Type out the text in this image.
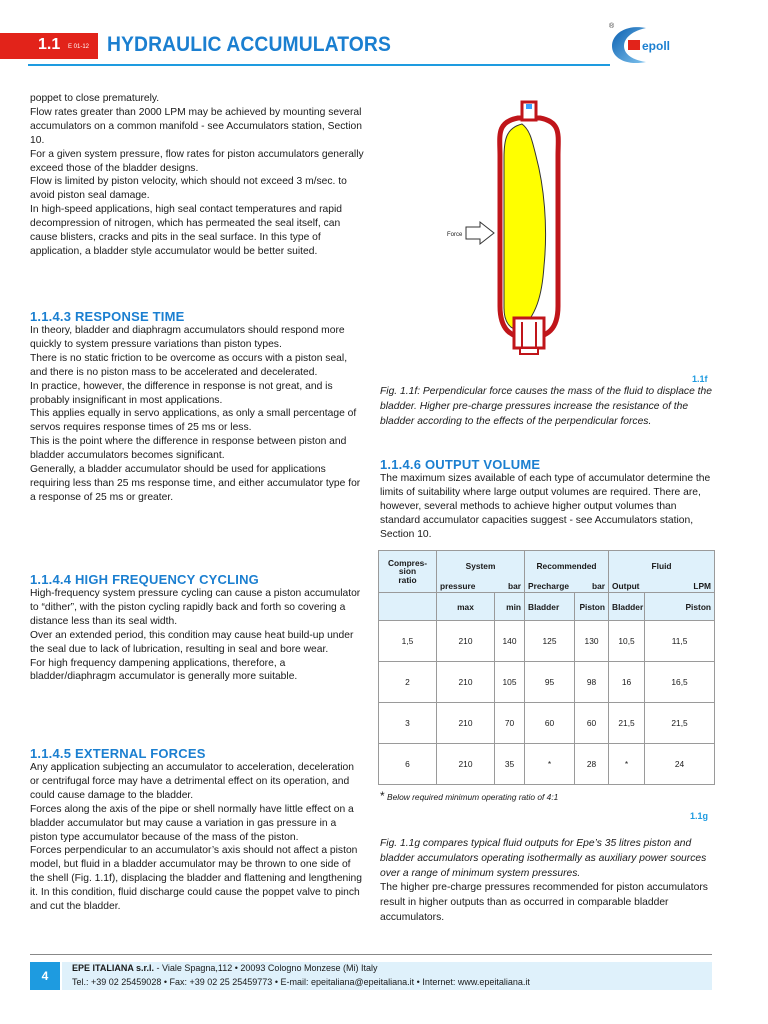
1.1 E 01-12 HYDRAULIC ACCUMULATORS	epoll
®

poppet to close prematurely.

Flow rates greater than 2000 LPM may be achieved by mounting several accumulators on a common manifold - see Accumulators station, Section 10.

For a given system pressure, flow rates for piston accumulators generally exceed those of the bladder designs.

Flow is limited by piston velocity, which should not exceed 3 m/sec. to avoid piston seal damage.

In high-speed applications, high seal contact temperatures and rapid decompression of nitrogen, which has permeated the seal itself, can cause blisters, cracks and pits in the seal surface. In this type of application, a bladder style accumulator would be better suited.

1.1.4.3 RESPONSE TIME

In theory, bladder and diaphragm accumulators should respond more quickly to system pressure variations than piston types.

There is no static friction to be overcome as occurs with a piston seal, and there is no piston mass to be accelerated and decelerated.

In practice, however, the difference in response is not great, and is probably insignificant in most applications.

This applies equally in servo applications, as only a small percentage of servos requires response times of 25 ms or less.

This is the point where the difference in response between piston and bladder accumulators becomes significant.

Generally, a bladder accumulator should be used for applications requiring less than 25 ms response time, and either accumulator type for a response of 25 ms or greater.

1.1.4.4 HIGH FREQUENCY CYCLING

High-frequency system pressure cycling can cause a piston accumulator to “dither”, with the piston cycling rapidly back and forth so covering a distance less than its seal width.

Over an extended period, this condition may cause heat build-up under the seal due to lack of lubrication, resulting in seal and bore wear.

For high frequency dampening applications, therefore, a bladder/diaphragm accumulator is generally more suitable.

1.1.4.5 EXTERNAL FORCES

Any application subjecting an accumulator to acceleration, deceleration or centrifugal force may have a detrimental effect on its operation, and could cause damage to the bladder.

Forces along the axis of the pipe or shell normally have little effect on a bladder accumulator but may cause a variation in gas pressure in a piston type accumulator because of the mass of the piston.

Forces perpendicular to an accumulator’s axis should not affect a piston model, but fluid in a bladder accumulator may be thrown to one side of the shell (Fig. 1.1f), displacing the bladder and flattening and lengthening it. In this condition, fluid discharge could cause the poppet valve to pinch and cut the bladder.

Force
1.1f
Fig. 1.1f: Perpendicular force causes the mass of the fluid to displace the bladder. Higher pre-charge pressures increase the resistance of the bladder according to the effects of the perpendicular forces.
1.1.4.6 OUTPUT VOLUME

The maximum sizes available of each type of accumulator determine the limits of suitability where large output volumes are required. There are, however, several methods to achieve higher output volumes than standard accumulator capacities suggest - see Accumulators station, Section 10.

Compres-
sion
ratio	System		Recommended		Fluid	
	pressure	bar	Precharge	bar	Output	LPM
	max	min	Bladder	Piston	Bladder	Piston
1,5	210	140	125	130	10,5	11,5
2	210	105	95	98	16	16,5
3	210	70	60	60	21,5	21,5
6	210	35	*	28	*	24
* Below required minimum operating ratio of 4:1
1.1g
Fig. 1.1g compares typical fluid outputs for Epe’s 35 litres piston and bladder accumulators operating isothermally as auxiliary power sources over a range of minimum system pressures.

The higher pre-charge pressures recommended for piston accumulators result in higher outputs than as occurred in comparable bladder accumulators.

4
EPE ITALIANA s.r.l. - Viale Spagna,112 • 20093 Cologno Monzese (Mi) Italy
Tel.: +39 02 25459028 • Fax: +39 02 25 25459773 • E-mail: epeitaliana@epeitaliana.it • Internet: www.epeitaliana.it
